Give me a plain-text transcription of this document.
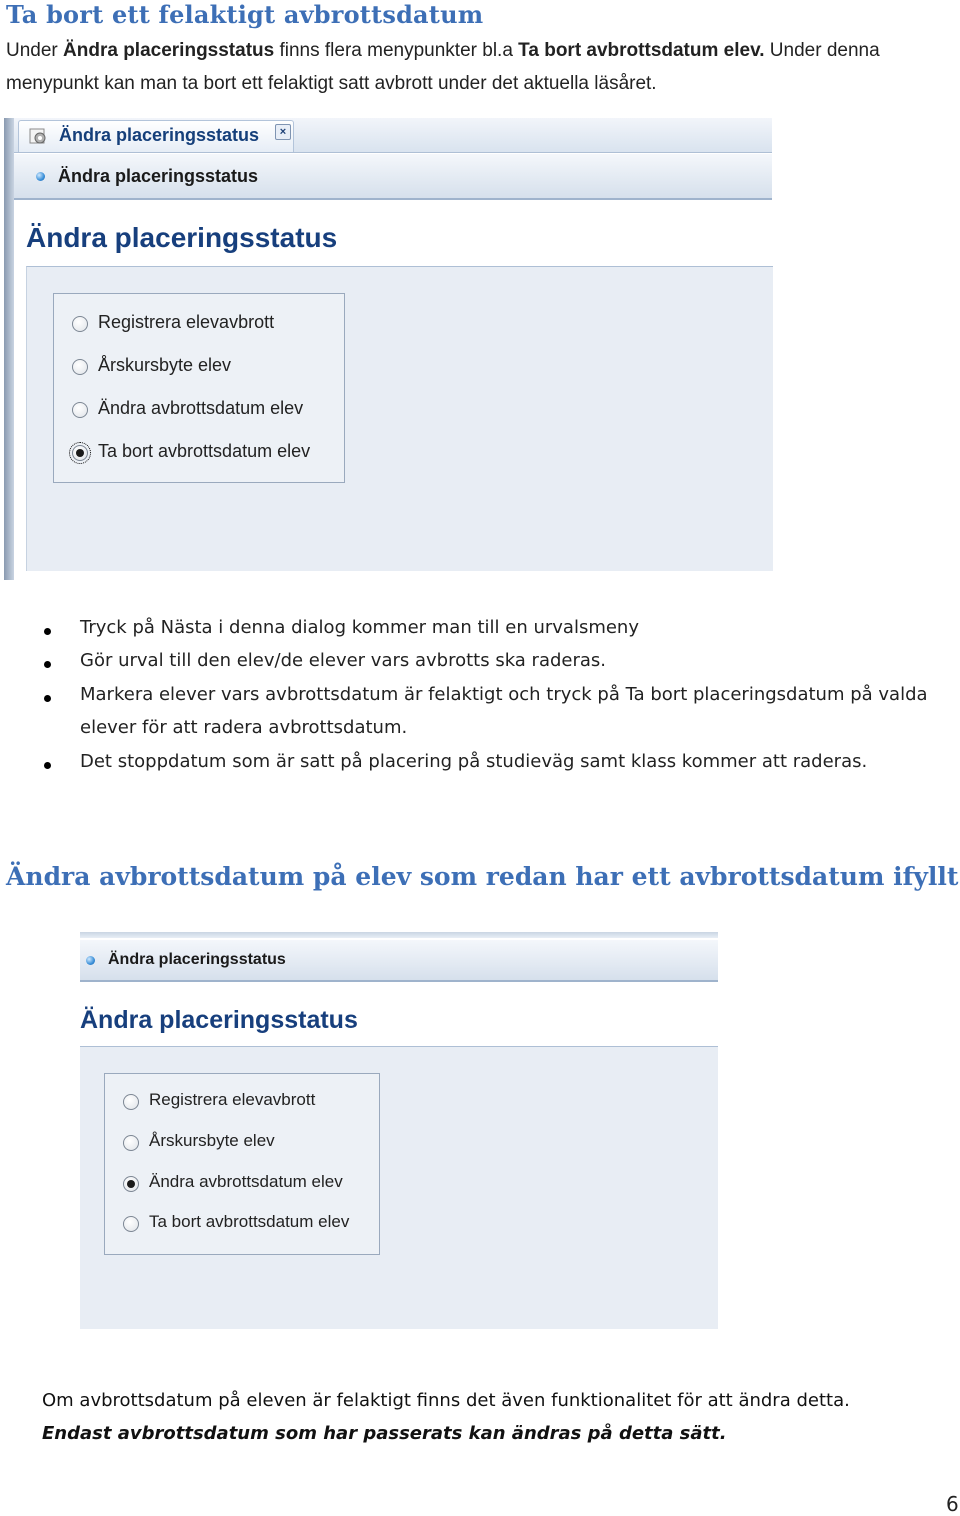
Ta bort ett felaktigt avbrottsdatum
Under Ändra placeringsstatus finns flera menypunkter bl.a Ta bort avbrottsdatum elev. Under denna menypunkt kan man ta bort ett felaktigt satt avbrott under det aktuella läsåret.
Ändra placeringsstatus	×
Ändra placeringsstatus
Ändra placeringsstatus
Registrera elevavbrott
Årskursbyte elev
Ändra avbrottsdatum elev
Ta bort avbrottsdatum elev
Tryck på Nästa i denna dialog kommer man till en urvalsmeny
Gör urval till den elev/de elever vars avbrotts ska raderas.
Markera elever vars avbrottsdatum är felaktigt och tryck på Ta bort placeringsdatum på valda
elever för att radera avbrottsdatum.
Det stoppdatum som är satt på placering på studieväg samt klass kommer att raderas.
Ändra avbrottsdatum på elev som redan har ett avbrottsdatum ifyllt
Ändra placeringsstatus
Ändra placeringsstatus
Registrera elevavbrott
Årskursbyte elev
Ändra avbrottsdatum elev
Ta bort avbrottsdatum elev
Om avbrottsdatum på eleven är felaktigt finns det även funktionalitet för att ändra detta.
Endast avbrottsdatum som har passerats kan ändras på detta sätt.
6
